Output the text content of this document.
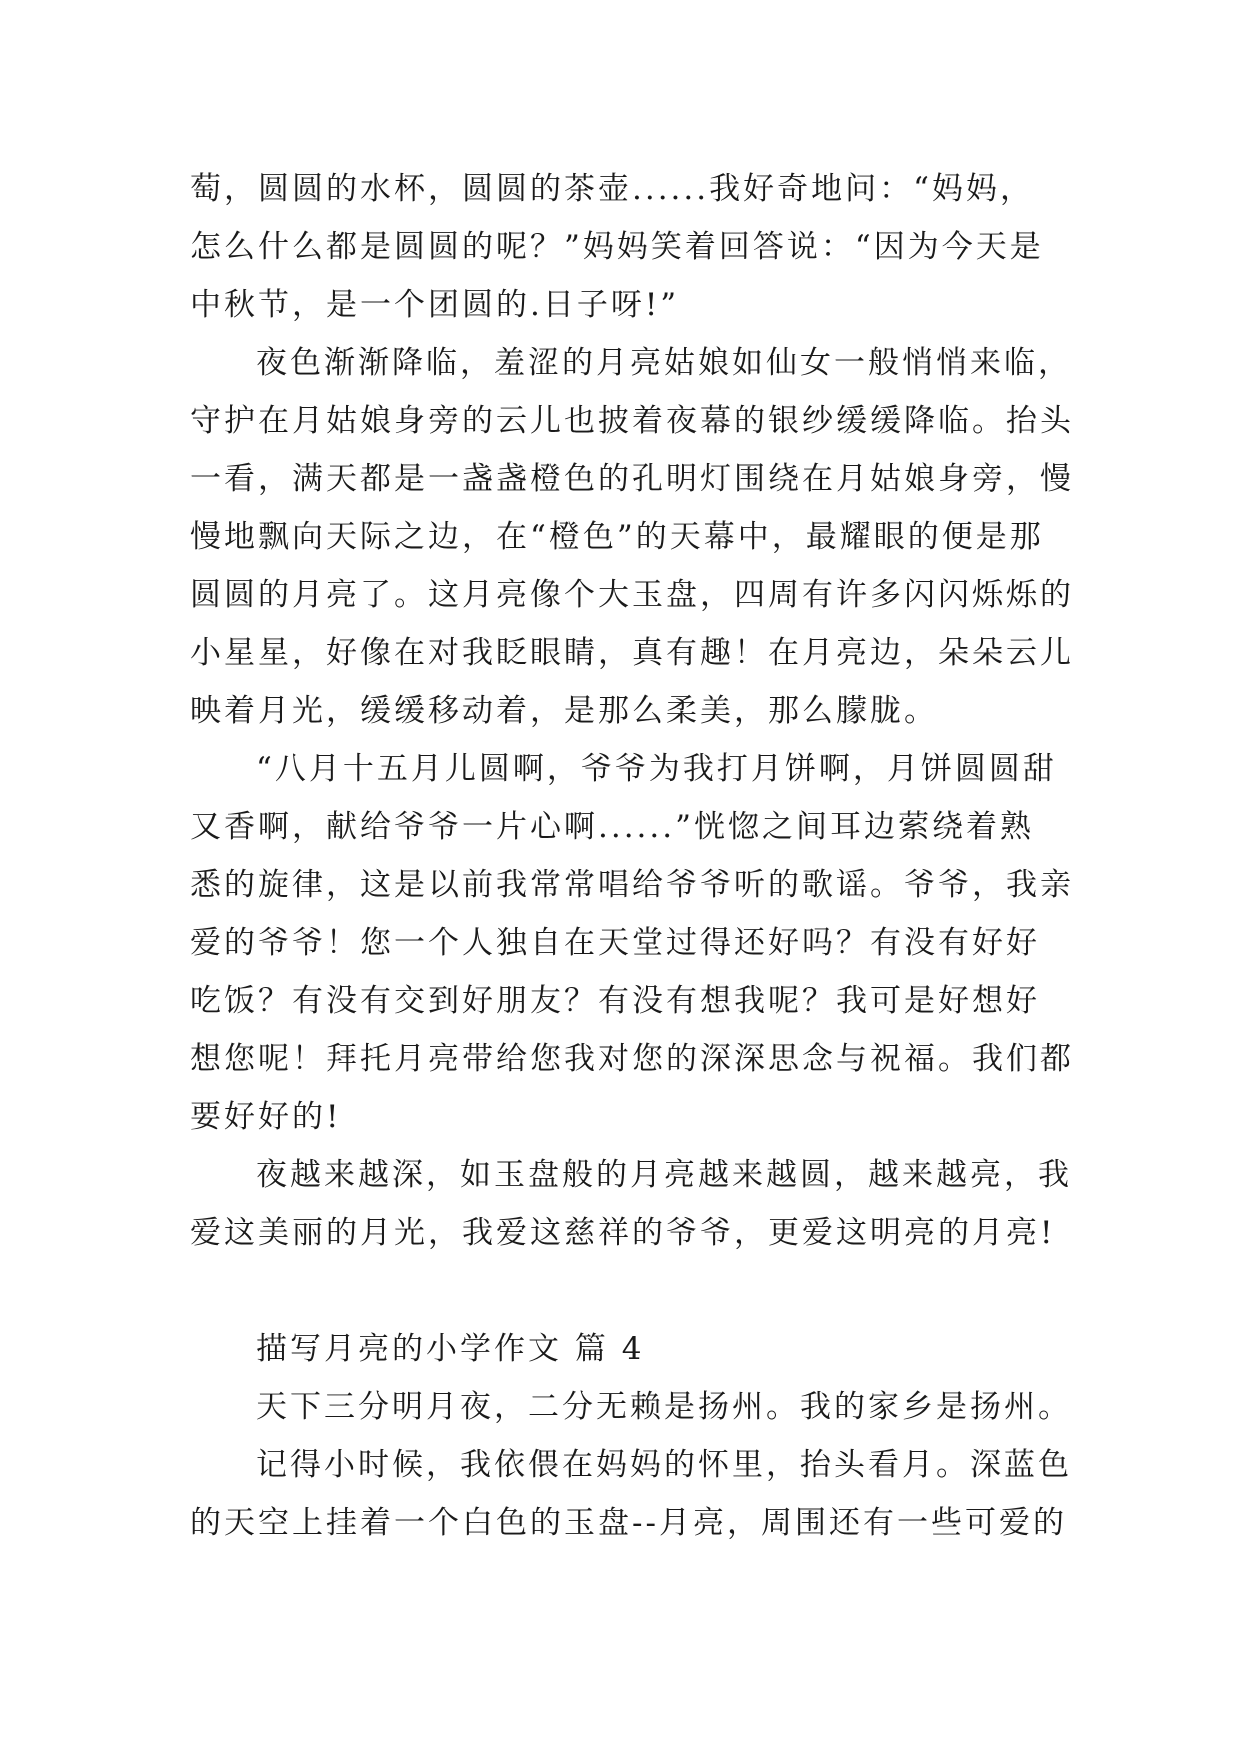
萄，圆圆的水杯，圆圆的茶壶......我好奇地问：“妈妈，
怎么什么都是圆圆的呢？”妈妈笑着回答说：“因为今天是
中秋节，是一个团圆的.日子呀!”
夜色渐渐降临，羞涩的月亮姑娘如仙女一般悄悄来临，
守护在月姑娘身旁的云儿也披着夜幕的银纱缓缓降临。抬头
一看，满天都是一盏盏橙色的孔明灯围绕在月姑娘身旁，慢
慢地飘向天际之边，在“橙色”的天幕中，最耀眼的便是那
圆圆的月亮了。这月亮像个大玉盘，四周有许多闪闪烁烁的
小星星，好像在对我眨眼睛，真有趣！在月亮边，朵朵云儿
映着月光，缓缓移动着，是那么柔美，那么朦胧。
“八月十五月儿圆啊，爷爷为我打月饼啊，月饼圆圆甜
又香啊，献给爷爷一片心啊......”恍惚之间耳边萦绕着熟
悉的旋律，这是以前我常常唱给爷爷听的歌谣。爷爷，我亲
爱的爷爷！您一个人独自在天堂过得还好吗？有没有好好
吃饭？有没有交到好朋友？有没有想我呢？我可是好想好
想您呢！拜托月亮带给您我对您的深深思念与祝福。我们都
要好好的!
夜越来越深，如玉盘般的月亮越来越圆，越来越亮，我
爱这美丽的月光，我爱这慈祥的爷爷，更爱这明亮的月亮!
描写月亮的小学作文 篇 4
天下三分明月夜，二分无赖是扬州。我的家乡是扬州。
记得小时候，我依偎在妈妈的怀里，抬头看月。深蓝色
的天空上挂着一个白色的玉盘--月亮，周围还有一些可爱的
